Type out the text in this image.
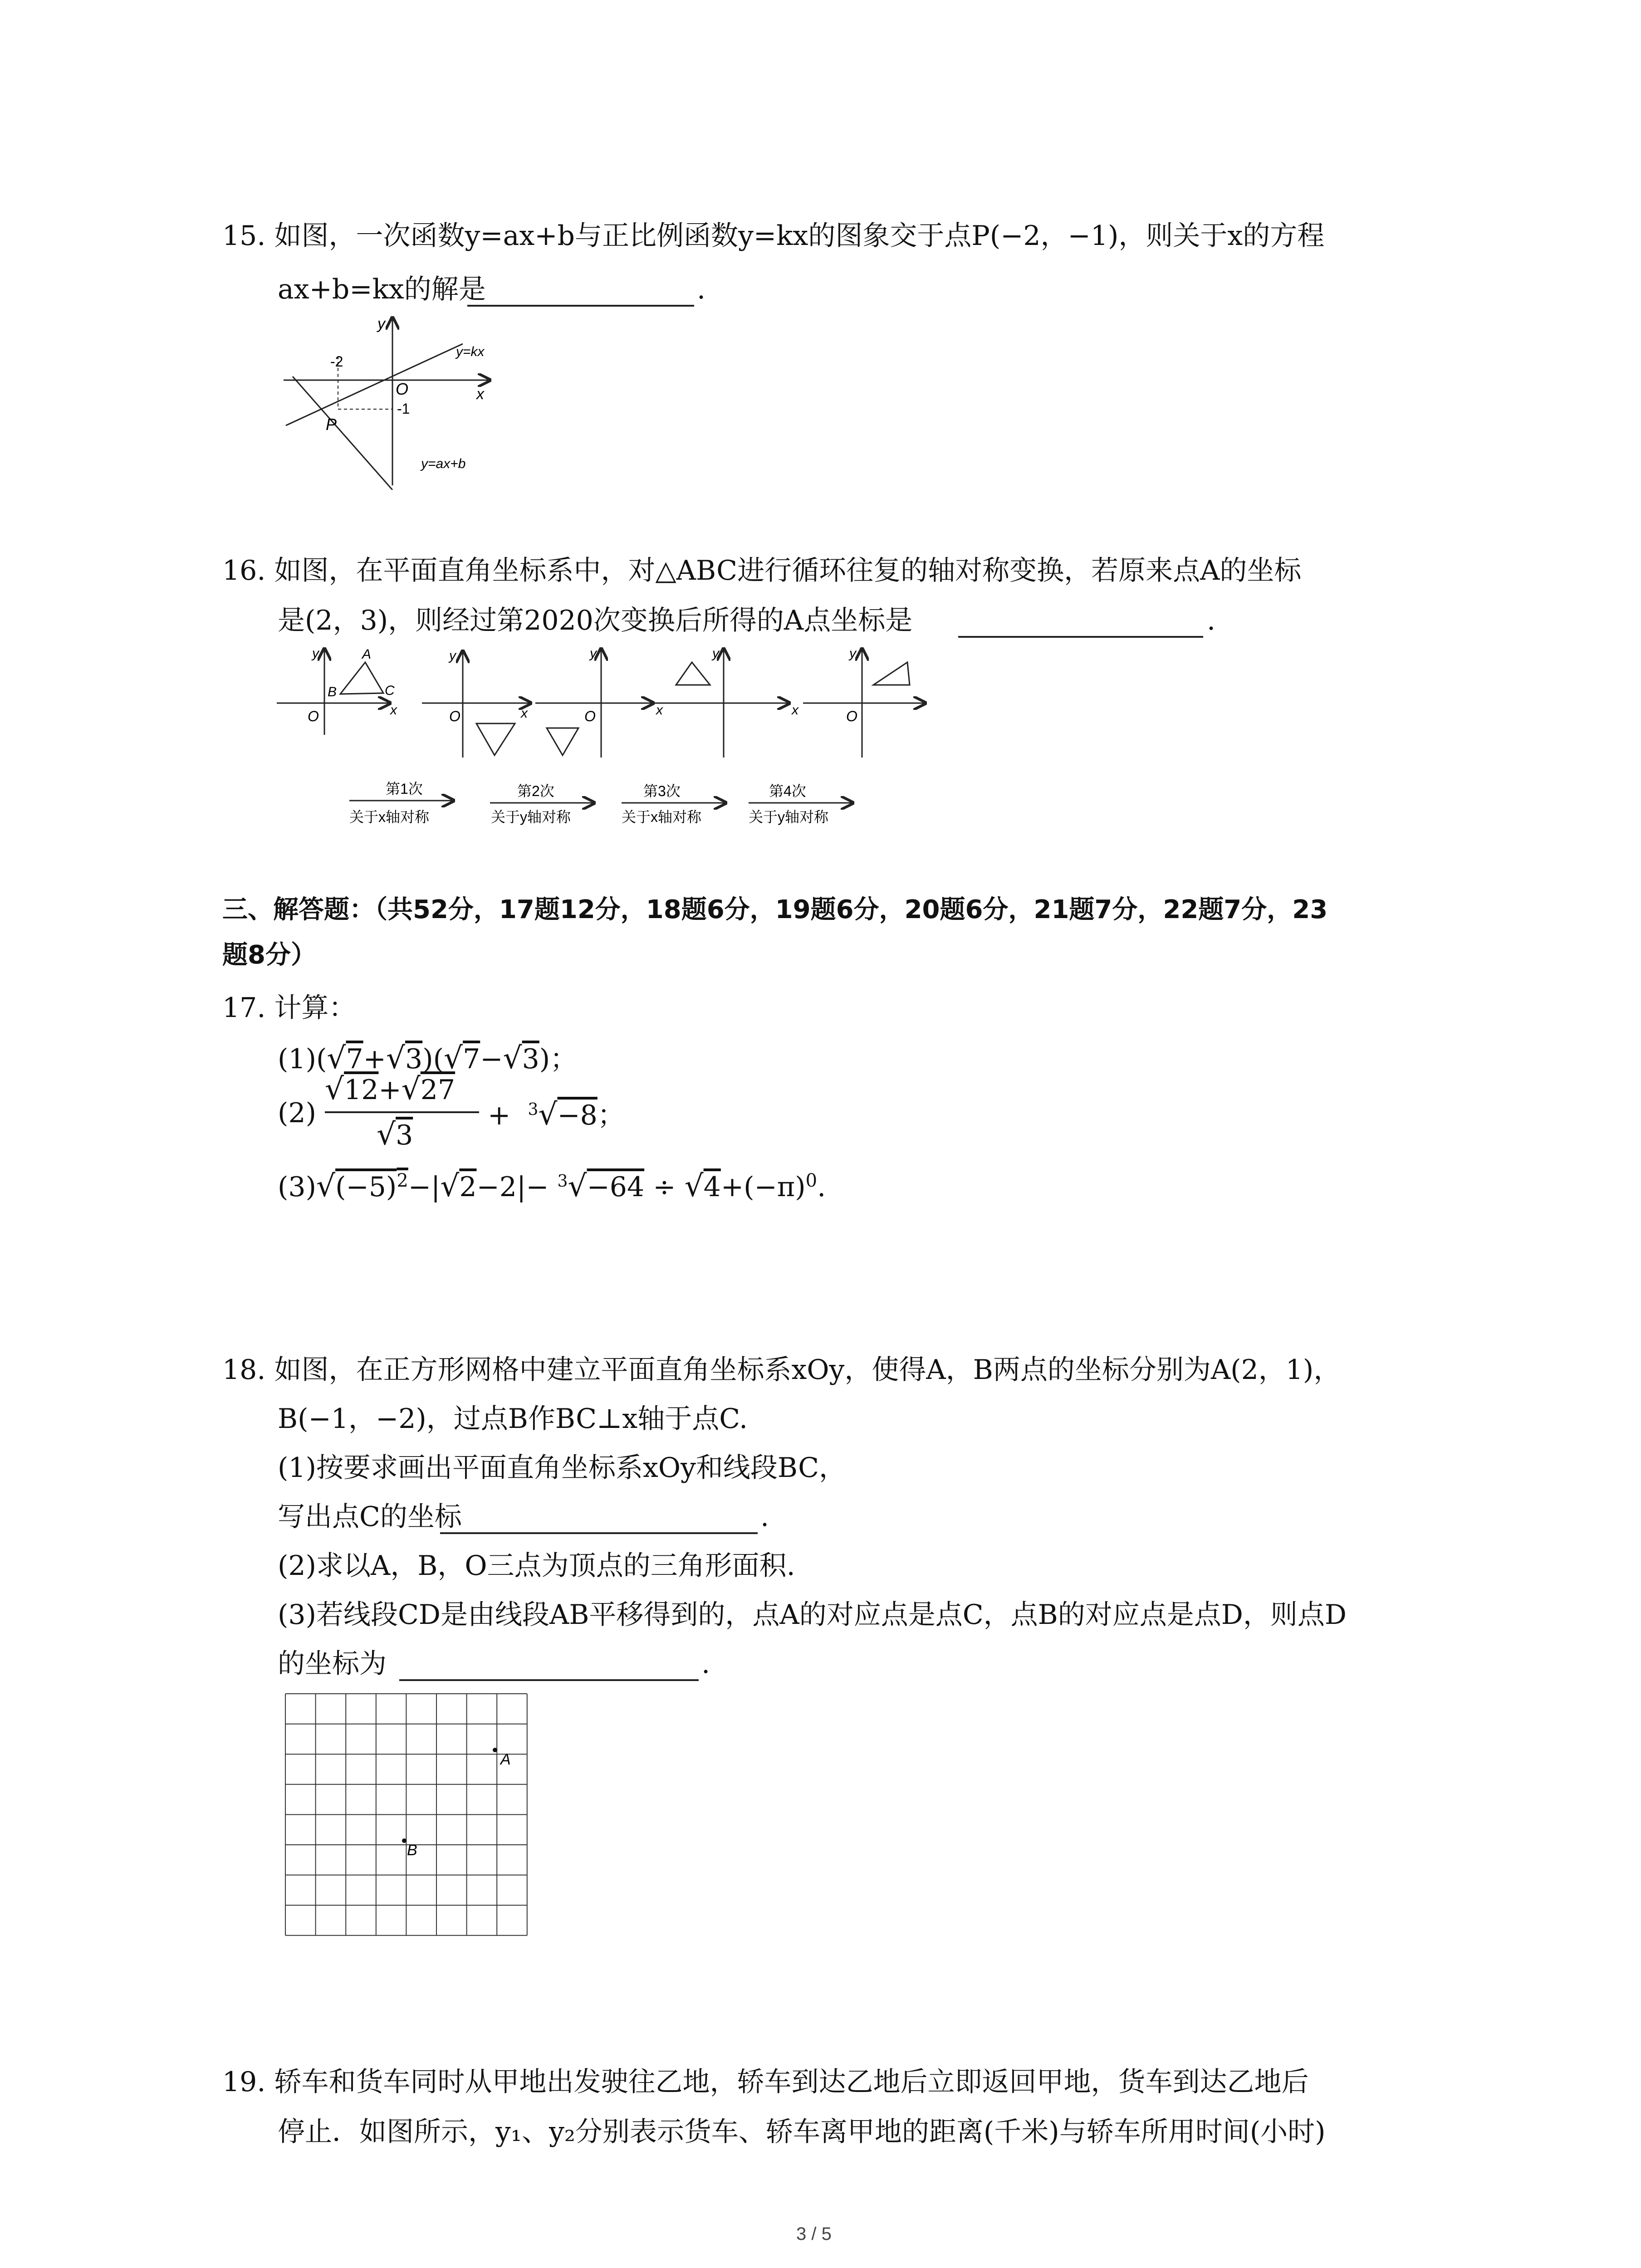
15. 如图，一次函数y=ax+b与正比例函数y=kx的图象交于点P(−2，−1)，则关于x的方程
ax+b=kx的解是	.
y
x
O
-2
-1
P
y=kx
y=ax+b
16. 如图，在平面直角坐标系中，对△ABC进行循环往复的轴对称变换，若原来点A的坐标
是(2，3)，则经过第2020次变换后所得的A点坐标是	.
y
x
O
A
B	C
y
x
O
y
x
O
y
x
y
O
第1次
关于x轴对称
第2次
关于y轴对称
第3次
关于x轴对称
第4次
关于y轴对称
三、解答题：（共52分，17题12分，18题6分，19题6分，20题6分，21题7分，22题7分，23
题8分）
17. 计算：
(1)(√7+√3)(√7−√3)；
(2)
√12+√27
√3
+ $^3$√−8；
$(3)√(-5)^2-|√2-2|- ^3√-64 \div √4+(-\pi)^0$.
18. 如图，在正方形网格中建立平面直角坐标系xOy，使得A，B两点的坐标分别为A(2，1)，
B(−1，−2)，过点B作BC⊥x轴于点C.
(1)按要求画出平面直角坐标系xOy和线段BC，
写出点C的坐标	.
(2)求以A，B，O三点为顶点的三角形面积.
(3)若线段CD是由线段AB平移得到的，点A的对应点是点C，点B的对应点是点D，则点D
的坐标为	.
A
B
19. 轿车和货车同时从甲地出发驶往乙地，轿车到达乙地后立即返回甲地，货车到达乙地后
停止．如图所示，y₁、y₂分别表示货车、轿车离甲地的距离(千米)与轿车所用时间(小时)
3 / 5
